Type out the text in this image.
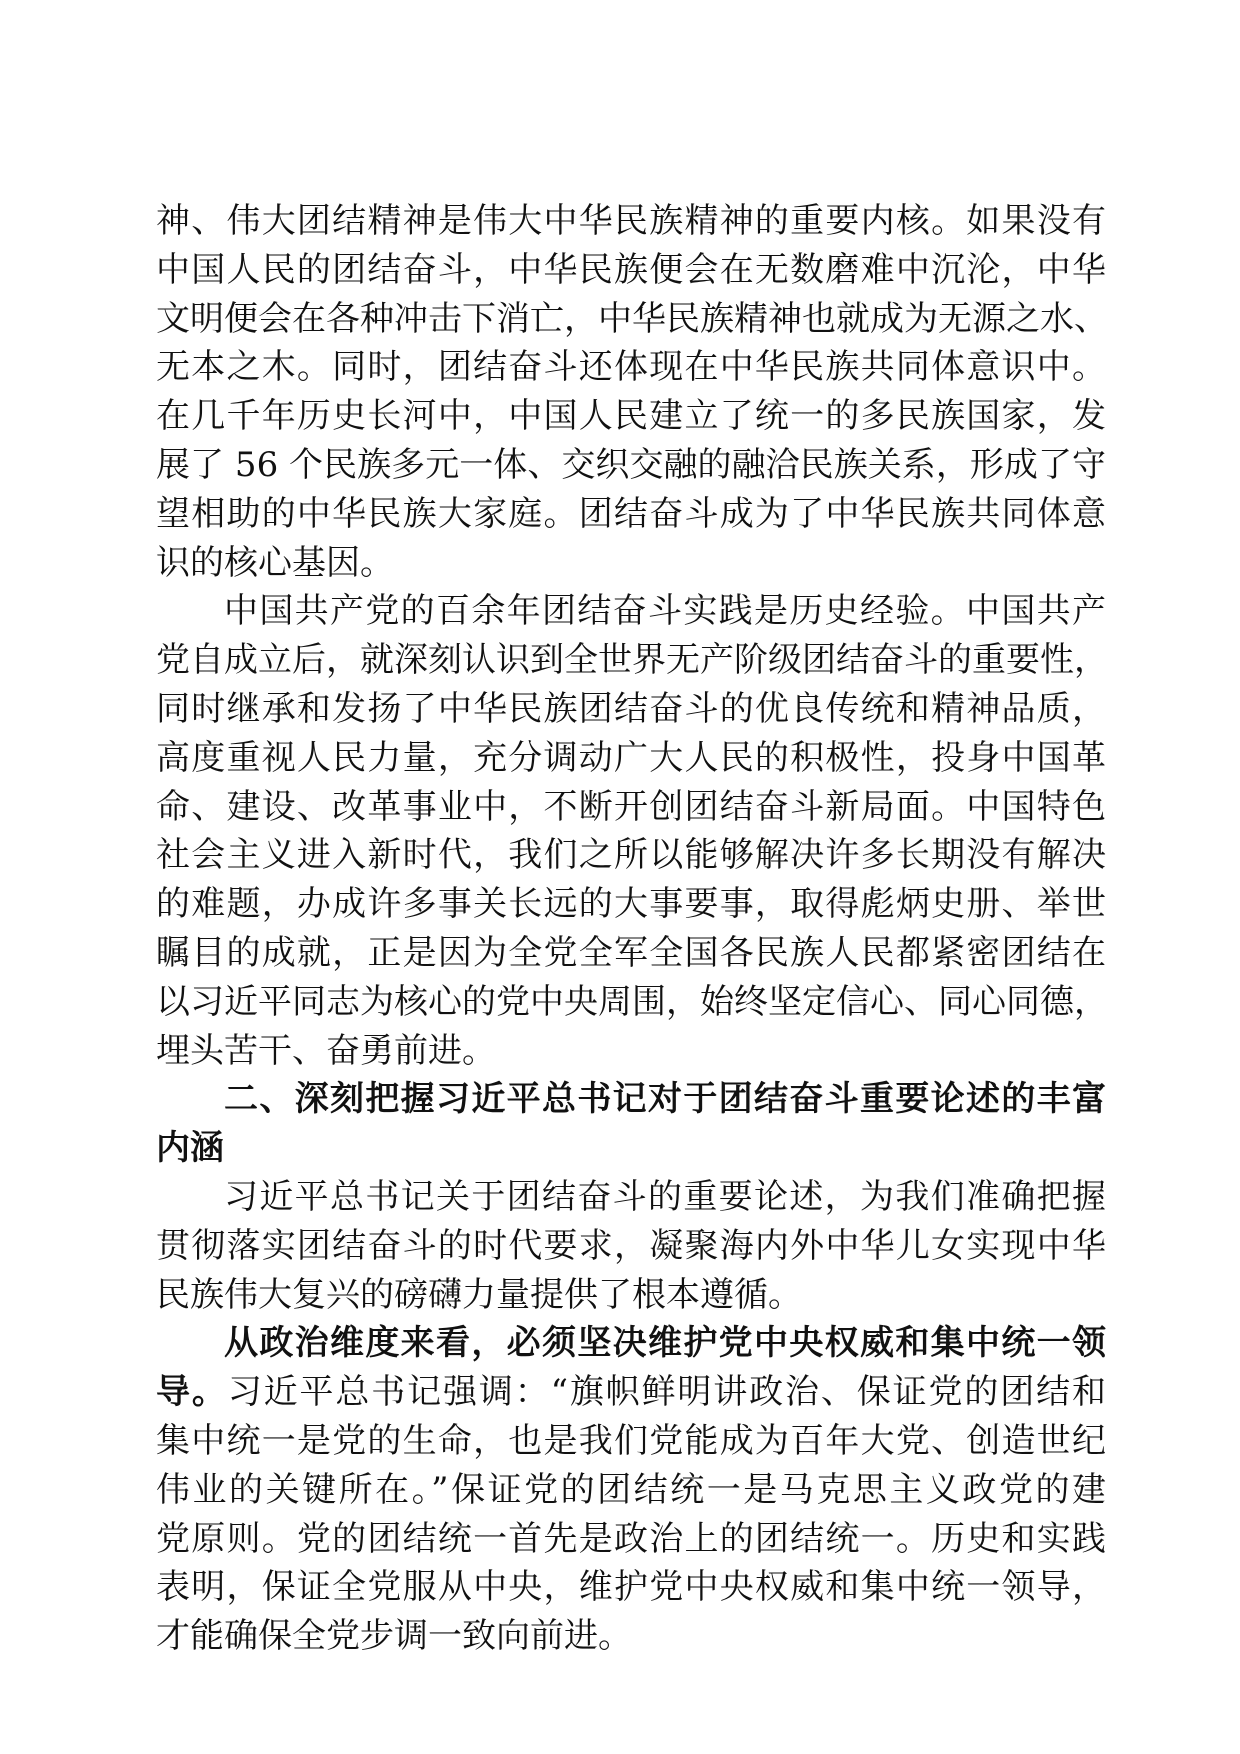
神、伟大团结精神是伟大中华民族精神的重要内核。如果没有
中国人民的团结奋斗，中华民族便会在无数磨难中沉沦，中华
文明便会在各种冲击下消亡，中华民族精神也就成为无源之水、
无本之木。同时，团结奋斗还体现在中华民族共同体意识中。
在几千年历史长河中，中国人民建立了统一的多民族国家，发
展了 56 个民族多元一体、交织交融的融洽民族关系，形成了守
望相助的中华民族大家庭。团结奋斗成为了中华民族共同体意
识的核心基因。
中国共产党的百余年团结奋斗实践是历史经验。中国共产
党自成立后，就深刻认识到全世界无产阶级团结奋斗的重要性，
同时继承和发扬了中华民族团结奋斗的优良传统和精神品质，
高度重视人民力量，充分调动广大人民的积极性，投身中国革
命、建设、改革事业中，不断开创团结奋斗新局面。中国特色
社会主义进入新时代，我们之所以能够解决许多长期没有解决
的难题，办成许多事关长远的大事要事，取得彪炳史册、举世
瞩目的成就，正是因为全党全军全国各民族人民都紧密团结在
以习近平同志为核心的党中央周围，始终坚定信心、同心同德，
埋头苦干、奋勇前进。
二、深刻把握习近平总书记对于团结奋斗重要论述的丰富
内涵
习近平总书记关于团结奋斗的重要论述，为我们准确把握
贯彻落实团结奋斗的时代要求，凝聚海内外中华儿女实现中华
民族伟大复兴的磅礴力量提供了根本遵循。
从政治维度来看，必须坚决维护党中央权威和集中统一领
导。习近平总书记强调：“旗帜鲜明讲政治、保证党的团结和
集中统一是党的生命，也是我们党能成为百年大党、创造世纪
伟业的关键所在。”保证党的团结统一是马克思主义政党的建
党原则。党的团结统一首先是政治上的团结统一。历史和实践
表明，保证全党服从中央，维护党中央权威和集中统一领导，
才能确保全党步调一致向前进。
